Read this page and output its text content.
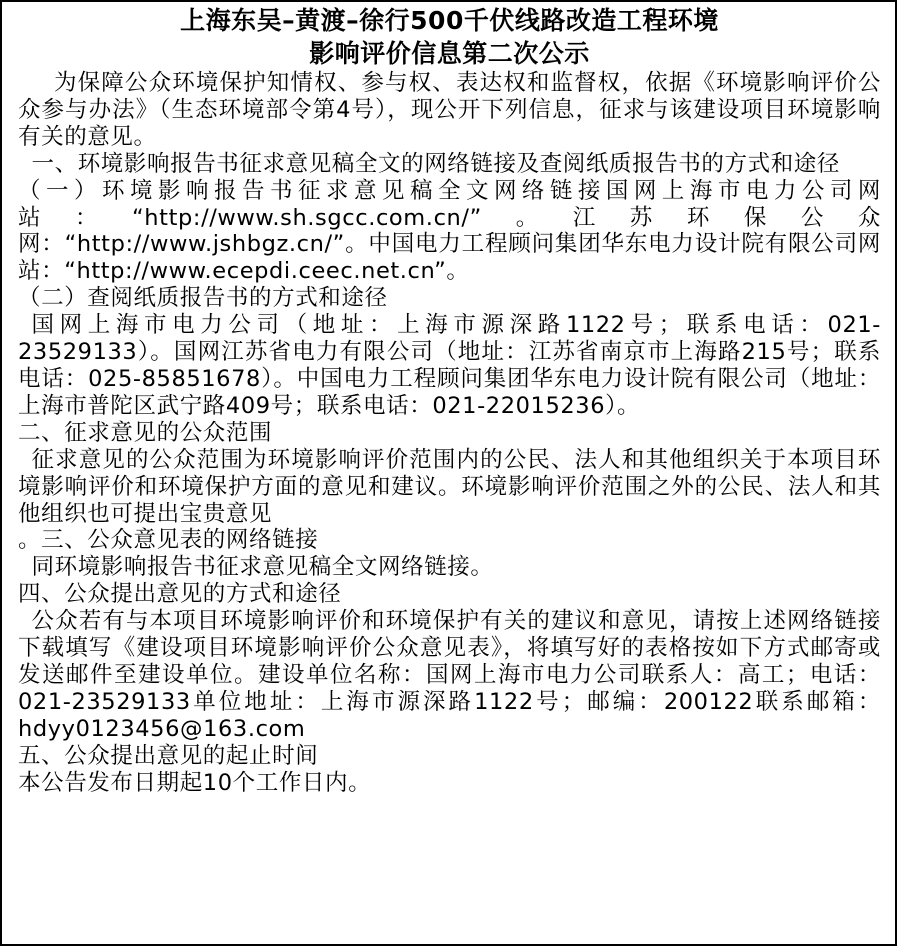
上海东吴–黄渡–徐行500千伏线路改造工程环境
影响评价信息第二次公示

为保障公众环境保护知情权、参与权、表达权和监督权，依据《环境影响评价公众参与办法》（生态环境部令第4号），现公开下列信息，征求与该建设项目环境影响有关的意见。

一、环境影响报告书征求意见稿全文的网络链接及查阅纸质报告书的方式和途径

（一）环境影响报告书征求意见稿全文网络链接国网上海市电力公司网站：“http://www.sh.sgcc.com.cn/”。江苏环保公众网：“http://www.jshbgz.cn/”。中国电力工程顾问集团华东电力设计院有限公司网站：“http://www.ecepdi.ceec.net.cn”。

（二）查阅纸质报告书的方式和途径

国网上海市电力公司（地址：上海市源深路1122号；联系电话：021-23529133）。国网江苏省电力有限公司（地址：江苏省南京市上海路215号；联系电话：025-85851678）。中国电力工程顾问集团华东电力设计院有限公司（地址：上海市普陀区武宁路409号；联系电话：021-22015236）。

二、征求意见的公众范围

征求意见的公众范围为环境影响评价范围内的公民、法人和其他组织关于本项目环境影响评价和环境保护方面的意见和建议。环境影响评价范围之外的公民、法人和其他组织也可提出宝贵意见

。三、公众意见表的网络链接

同环境影响报告书征求意见稿全文网络链接。

四、公众提出意见的方式和途径

公众若有与本项目环境影响评价和环境保护有关的建议和意见，请按上述网络链接下载填写《建设项目环境影响评价公众意见表》，将填写好的表格按如下方式邮寄或发送邮件至建设单位。建设单位名称：国网上海市电力公司联系人：高工；电话：021-23529133单位地址：上海市源深路1122号；邮编：200122联系邮箱：hdyy0123456@163.com

五、公众提出意见的起止时间

本公告发布日期起10个工作日内。
